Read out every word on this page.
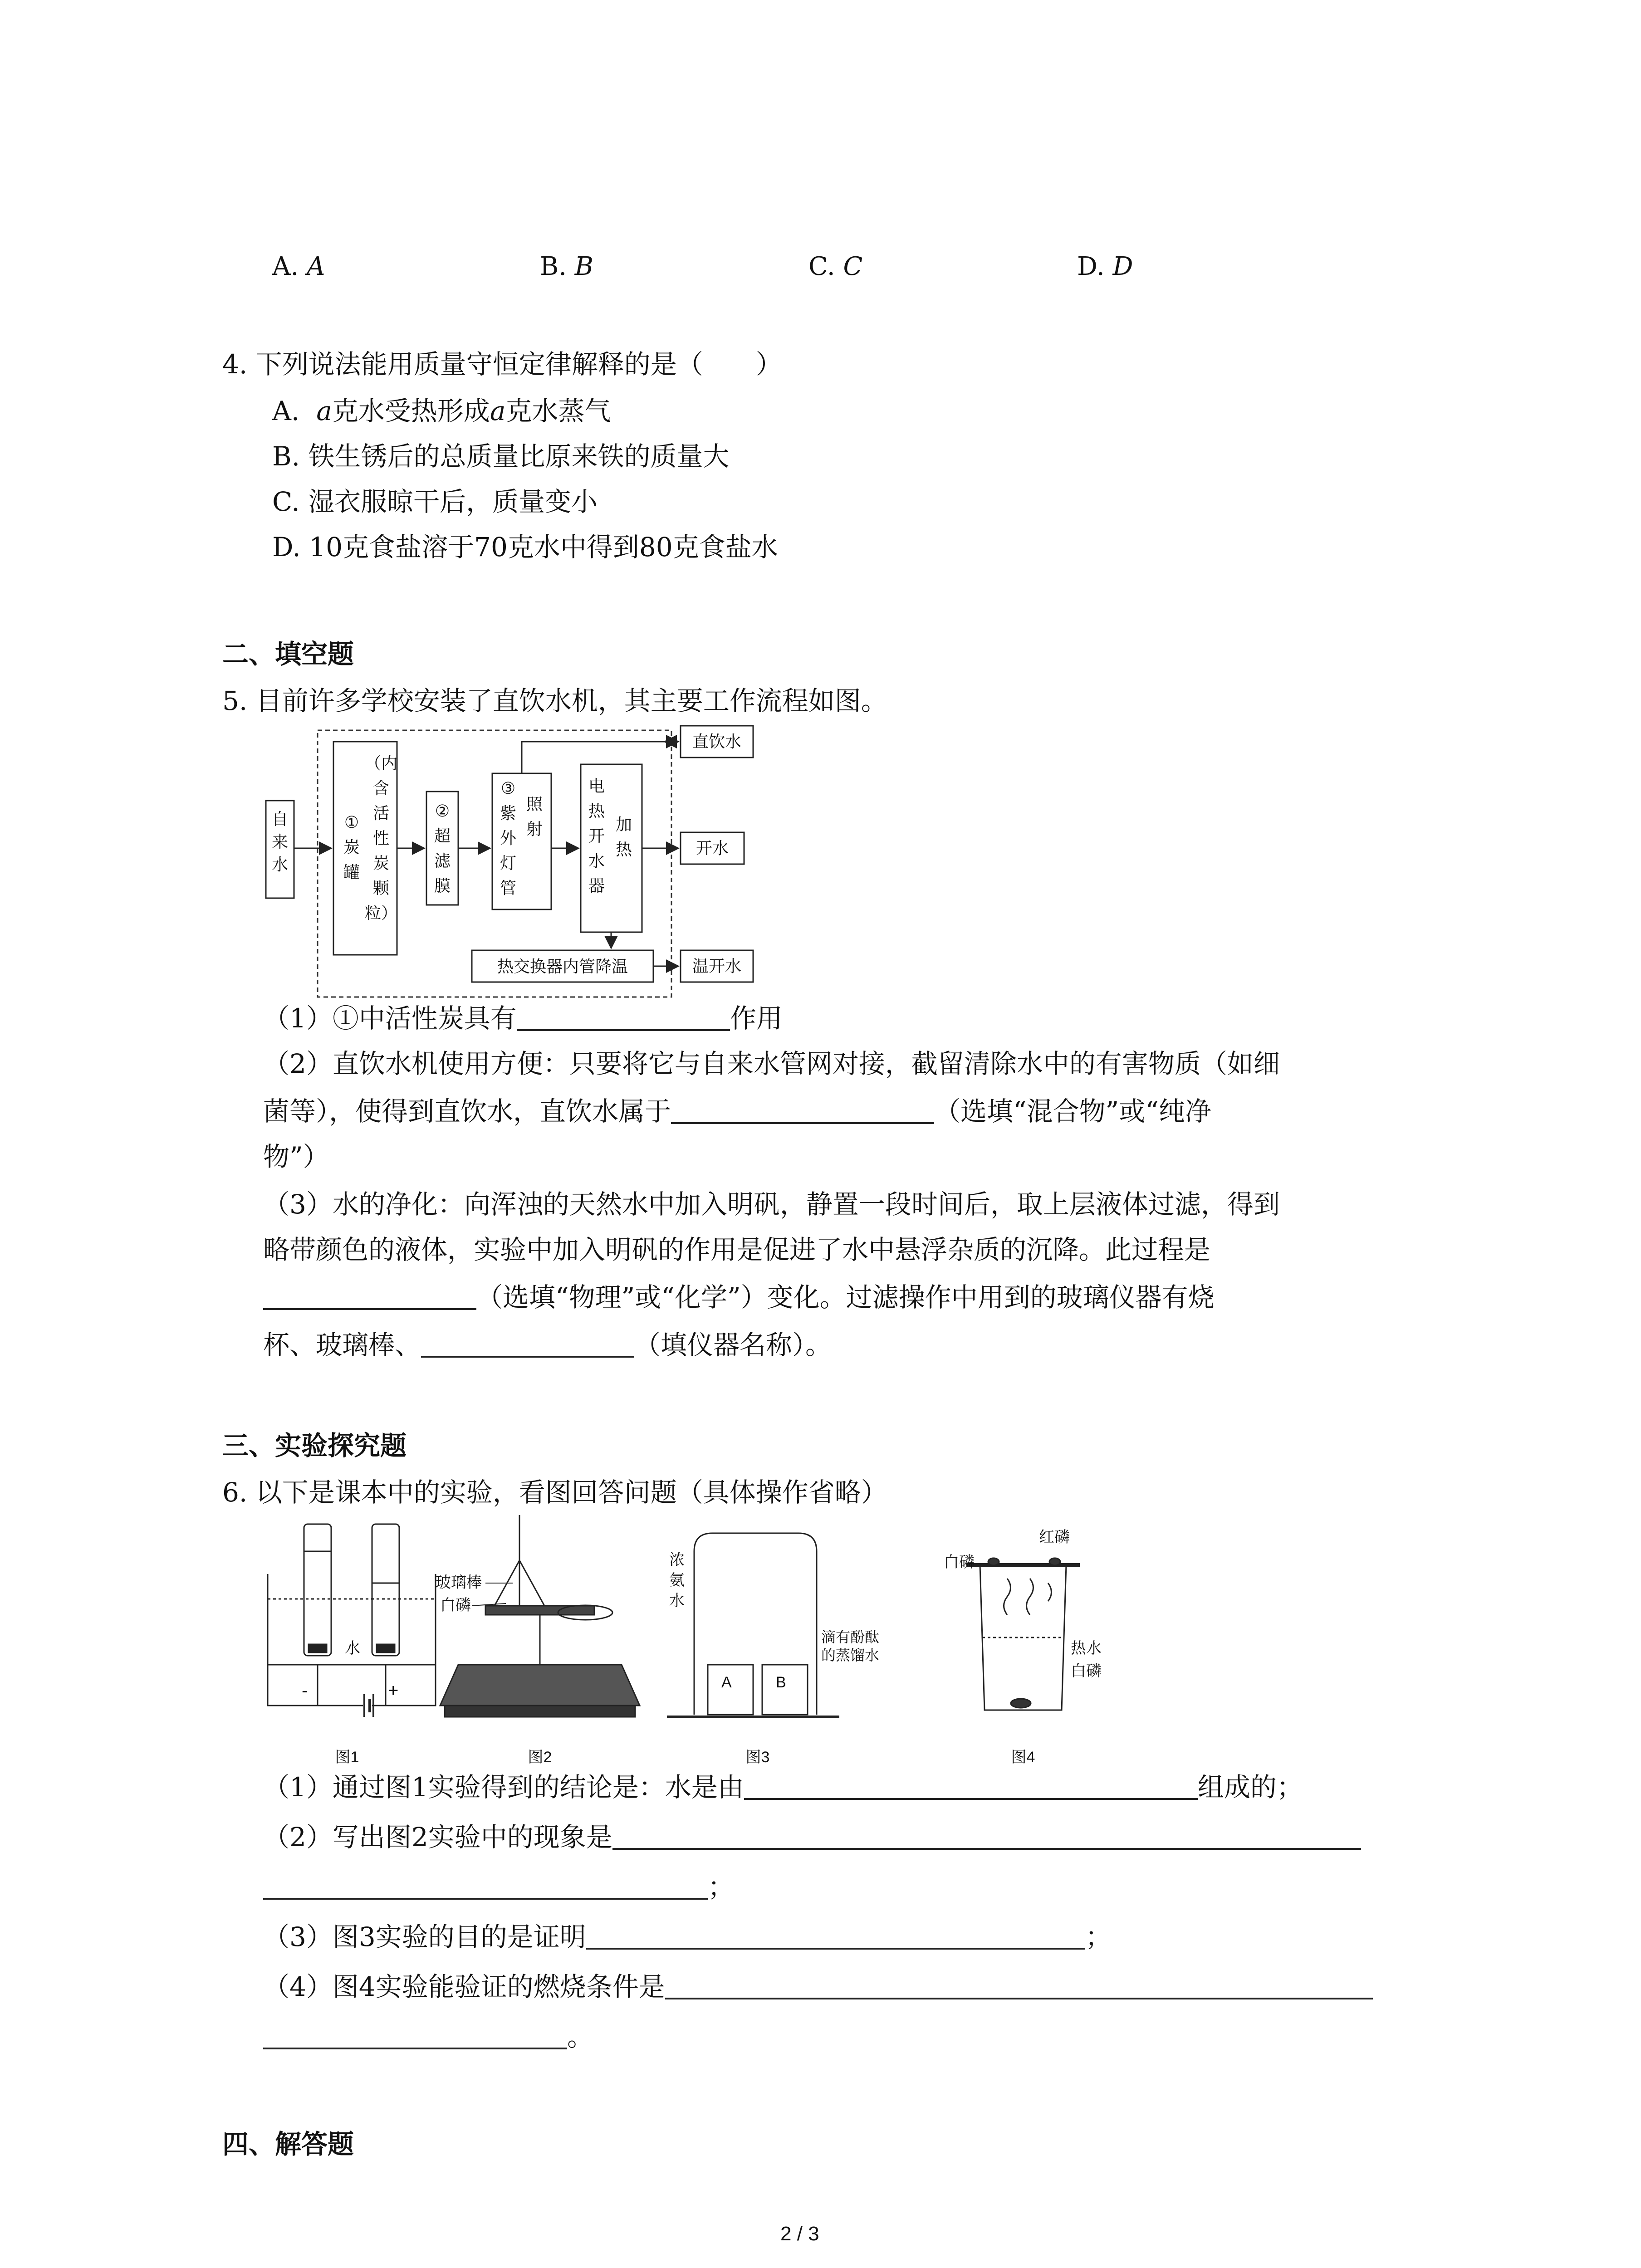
A. A	B. B	C. C	D. D
4. 下列说法能用质量守恒定律解释的是（　　）
A. a克水受热形成a克水蒸气
B. 铁生锈后的总质量比原来铁的质量大
C. 湿衣服晾干后，质量变小
D. 10克食盐溶于70克水中得到80克食盐水
二、填空题
5. 目前许多学校安装了直饮水机，其主要工作流程如图。
自
来
水
（内
含
活
性
炭
颗
粒）
①
炭
罐
②
超
滤
膜
③
紫
外
灯
管
照
射
电
热
开
水
器
加
热
热交换器内管降温
直饮水
开水
温开水
（1）①中活性炭具有	作用
（2）直饮水机使用方便：只要将它与自来水管网对接，截留清除水中的有害物质（如细
菌等），使得到直饮水，直饮水属于	（选填“混合物”或“纯净
物”）
（3）水的净化：向浑浊的天然水中加入明矾，静置一段时间后，取上层液体过滤，得到
略带颜色的液体，实验中加入明矾的作用是促进了水中悬浮杂质的沉降。此过程是
（选填“物理”或“化学”）变化。过滤操作中用到的玻璃仪器有烧
杯、玻璃棒、	（填仪器名称）。
三、实验探究题
6. 以下是课本中的实验，看图回答问题（具体操作省略）
水
-	+
图1
玻璃棒
白磷
图2
A	B
浓
氨
水
滴有酚酞
的蒸馏水
图3
白磷
红磷
热水
白磷
图4
（1）通过图1实验得到的结论是：水是由	组成的；
（2）写出图2实验中的现象是
；
（3）图3实验的目的是证明	；
（4）图4实验能验证的燃烧条件是
。
四、解答题
2 / 3
